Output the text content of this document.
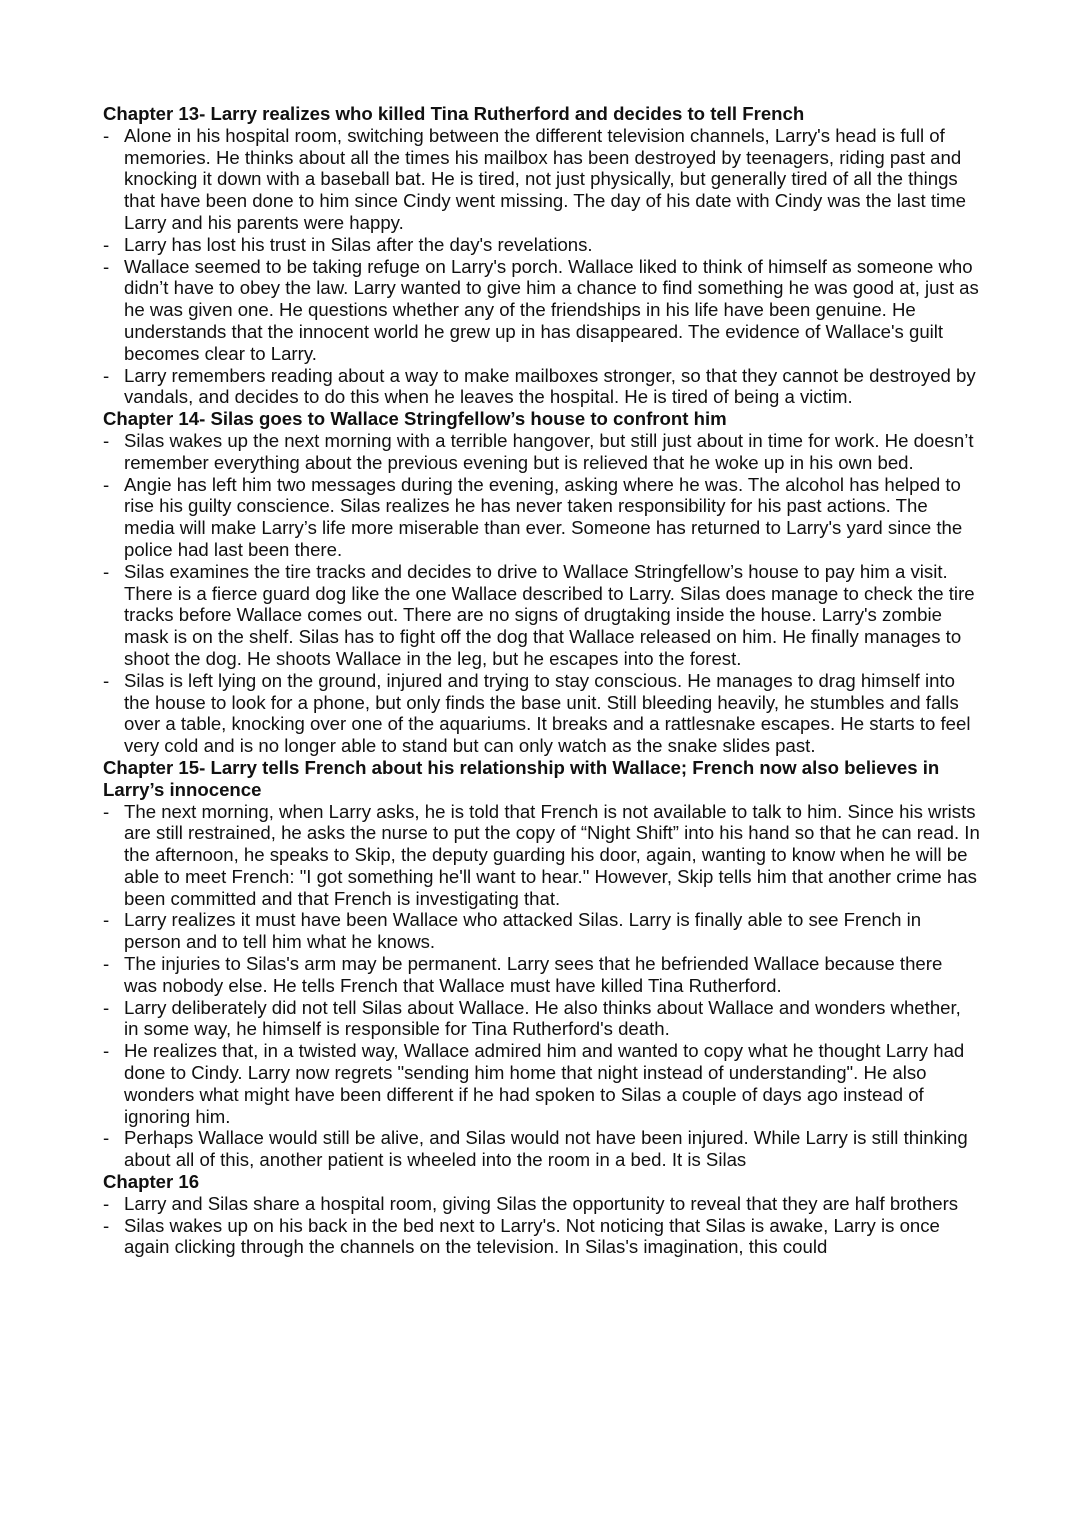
Chapter 13- Larry realizes who killed Tina Rutherford and decides to tell French
- Alone in his hospital room, switching between the different television channels, Larry's head is full of memories. He thinks about all the times his mailbox has been destroyed by teenagers, riding past and knocking it down with a baseball bat. He is tired, not just physically, but generally tired of all the things that have been done to him since Cindy went missing. The day of his date with Cindy was the last time Larry and his parents were happy.
- Larry has lost his trust in Silas after the day's revelations.
- Wallace seemed to be taking refuge on Larry's porch. Wallace liked to think of himself as someone who didn’t have to obey the law. Larry wanted to give him a chance to find something he was good at, just as he was given one. He questions whether any of the friendships in his life have been genuine. He understands that the innocent world he grew up in has disappeared. The evidence of Wallace's guilt becomes clear to Larry.
- Larry remembers reading about a way to make mailboxes stronger, so that they cannot be destroyed by vandals, and decides to do this when he leaves the hospital. He is tired of being a victim.
Chapter 14- Silas goes to Wallace Stringfellow’s house to confront him
- Silas wakes up the next morning with a terrible hangover, but still just about in time for work. He doesn’t remember everything about the previous evening but is relieved that he woke up in his own bed.
- Angie has left him two messages during the evening, asking where he was. The alcohol has helped to rise his guilty conscience. Silas realizes he has never taken responsibility for his past actions. The media will make Larry’s life more miserable than ever. Someone has returned to Larry's yard since the police had last been there.
- Silas examines the tire tracks and decides to drive to Wallace Stringfellow’s house to pay him a visit. There is a fierce guard dog like the one Wallace described to Larry. Silas does manage to check the tire tracks before Wallace comes out. There are no signs of drugtaking inside the house. Larry's zombie mask is on the shelf. Silas has to fight off the dog that Wallace released on him. He finally manages to shoot the dog. He shoots Wallace in the leg, but he escapes into the forest.
- Silas is left lying on the ground, injured and trying to stay conscious. He manages to drag himself into the house to look for a phone, but only finds the base unit. Still bleeding heavily, he stumbles and falls over a table, knocking over one of the aquariums. It breaks and a rattlesnake escapes. He starts to feel very cold and is no longer able to stand but can only watch as the snake slides past.
Chapter 15- Larry tells French about his relationship with Wallace; French now also believes in Larry’s innocence
- The next morning, when Larry asks, he is told that French is not available to talk to him. Since his wrists are still restrained, he asks the nurse to put the copy of “Night Shift” into his hand so that he can read. In the afternoon, he speaks to Skip, the deputy guarding his door, again, wanting to know when he will be able to meet French: "I got something he'll want to hear." However, Skip tells him that another crime has been committed and that French is investigating that.
- Larry realizes it must have been Wallace who attacked Silas. Larry is finally able to see French in person and to tell him what he knows.
- The injuries to Silas's arm may be permanent. Larry sees that he befriended Wallace because there was nobody else. He tells French that Wallace must have killed Tina Rutherford.
- Larry deliberately did not tell Silas about Wallace. He also thinks about Wallace and wonders whether, in some way, he himself is responsible for Tina Rutherford's death.
- He realizes that, in a twisted way, Wallace admired him and wanted to copy what he thought Larry had done to Cindy. Larry now regrets "sending him home that night instead of understanding". He also wonders what might have been different if he had spoken to Silas a couple of days ago instead of ignoring him.
- Perhaps Wallace would still be alive, and Silas would not have been injured. While Larry is still thinking about all of this, another patient is wheeled into the room in a bed. It is Silas
Chapter 16
- Larry and Silas share a hospital room, giving Silas the opportunity to reveal that they are half brothers
- Silas wakes up on his back in the bed next to Larry's. Not noticing that Silas is awake, Larry is once again clicking through the channels on the television. In Silas's imagination, this could
